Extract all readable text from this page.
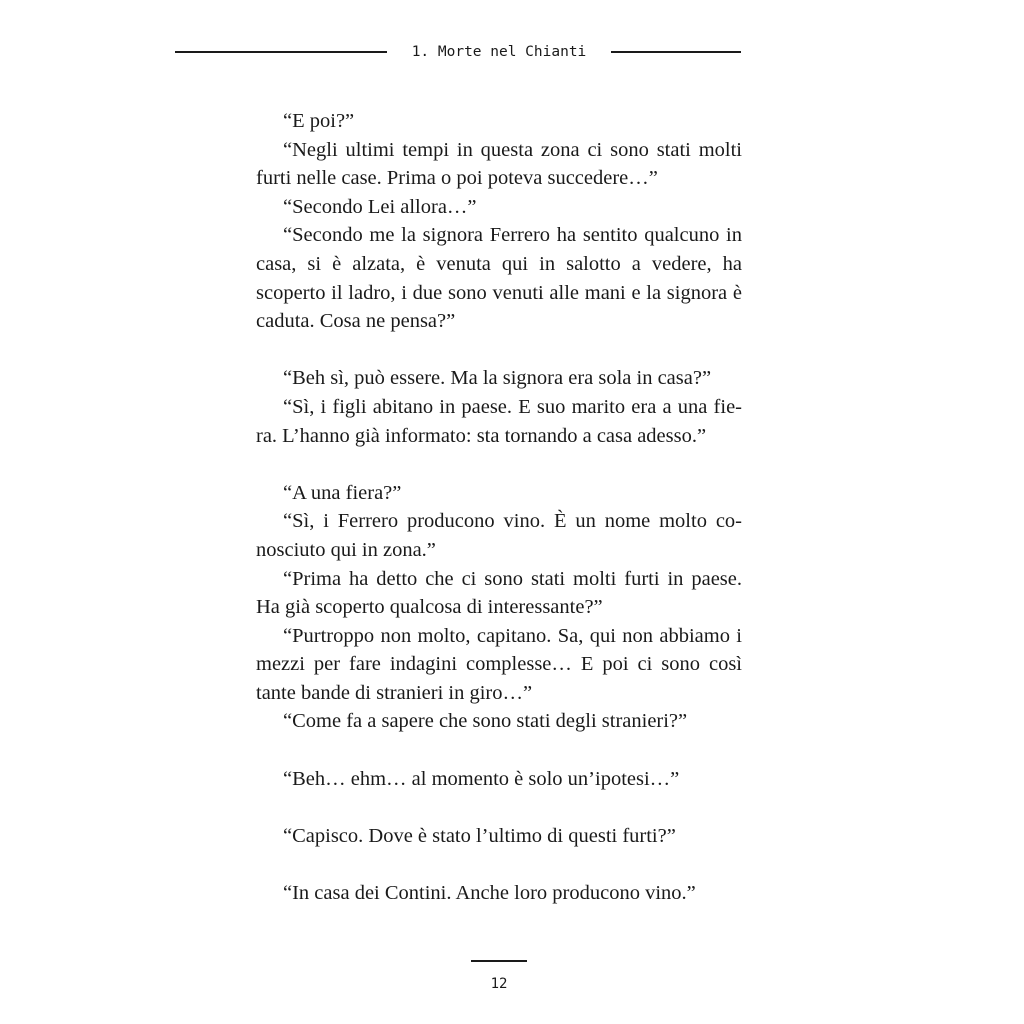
1. Morte nel Chianti

“E poi?”

“Negli ultimi tempi in questa zona ci sono stati molti furti nelle case. Prima o poi poteva succedere…”

“Secondo Lei allora…”

“Secondo me la signora Ferrero ha sentito qualcuno in casa, si è alzata, è venuta qui in salotto a vedere, ha scoperto il ladro, i due sono venuti alle mani e la signora è caduta. Cosa ne pensa?”

“Beh sì, può essere. Ma la signora era sola in casa?”

“Sì, i figli abitano in paese. E suo marito era a una fiera. L’hanno già informato: sta tornando a casa adesso.”

“A una fiera?”

“Sì, i Ferrero producono vino. È un nome molto conosciuto qui in zona.”

“Prima ha detto che ci sono stati molti furti in paese. Ha già scoperto qualcosa di interessante?”

“Purtroppo non molto, capitano. Sa, qui non abbiamo i mezzi per fare indagini complesse… E poi ci sono così tante bande di stranieri in giro…”

“Come fa a sapere che sono stati degli stranieri?”

“Beh… ehm… al momento è solo un’ipotesi…”

“Capisco. Dove è stato l’ultimo di questi furti?”

“In casa dei Contini. Anche loro producono vino.”

12
